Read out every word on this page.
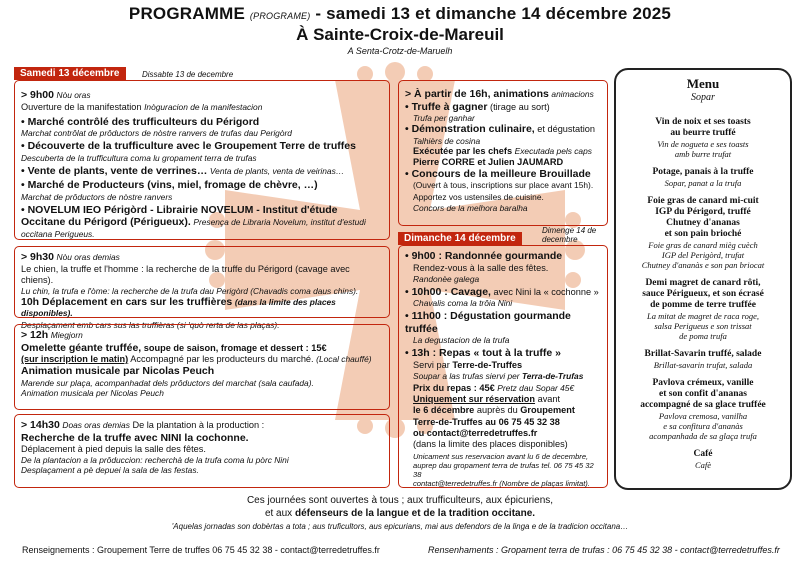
PROGRAMME (PROGRAME) - samedi 13 et dimanche 14 décembre 2025
À Sainte-Croix-de-Mareuil
A Senta-Crotz-de-Maruelh
Samedi 13 décembre	Dissabte 13 de decembre
> 9h00 Nòu oras
Ouverture de la manifestation Inòguracion de la manifestacion
• Marché contrôlé des trufficulteurs du Périgord
Marchat contrôlat de prôductors de nòstre ranvers de trufas dau Perigòrd
• Découverte de la trufficulture avec le Groupement Terre de truffes
Descuberta de la trufficultura coma lu gropament terra de trufas
• Vente de plants, vente de verrines… Venta de plants, venta de veirinas…
• Marché de Producteurs (vins, miel, fromage de chèvre, …)
Marchat de prôductors de nòstre ranvers
• NOVELUM IEO Périgòrd - Librairie NOVELUM - Institut d'étude Occitane du Périgord (Périgueux). Presença de Libraria Novelum, institut d'estudi occitana Perigueus.
> 9h30 Nòu oras demias
Le chien, la truffe et l'homme : la recherche de la truffe du Périgord (cavage avec chiens).
Lu chin, la trufa e l'òme: la recherche de la trufa dau Perigòrd (Chavadis coma daus chins).
10h Déplacement en cars sur les truffières (dans la limite des places disponibles).
Desplaçament emb cars sus las truffièras (si 'quò rerta de las plaças).
> 12h Miegjorn
Omelette géante truffée, soupe de saison, fromage et dessert : 15€
(sur inscription le matin) Accompagné par les producteurs du marché. (Local chauffé)
Animation musicale par Nicolas Peuch
Marende sur plaça, acompanhadat dels prôductors del marchat (sala caufada).
Animation musicala per Nicolas Peuch
> 14h30 Doas oras demias De la plantation à la production :
Recherche de la truffe avec NINI la cochonne.
Déplacement à pied depuis la salle des fêtes.
De la plantacion a la prôduccion: recherchà de la trufa coma lu pòrc Nini
Desplaçament a pè depuei la sala de las festas.
> À partir de 16h, animations animacions
• Truffe à gagner (tirage au sort)
Trufa per ganhar
• Démonstration culinaire, et dégustation
Talhièrs de cosina
Exécutée par les chefs Executada pels caps
Pierre CORRE et Julien JAUMARD
• Concours de la meilleure Brouillade
(Ouvert à tous, inscriptions sur place avant 15h).
Apportez vos ustensiles de cuisine.
Concors de la melhora baralha
Dimanche 14 décembre
Dimenge 14 de decembre
• 9h00 : Randonnée gourmande
Rendez-vous à la salle des fêtes.
Randonèe galega
• 10h00 : Cavage, avec Nini la « cochonne »
Chavalis coma la trôia Nini
• 11h00 : Dégustation gourmande truffée
La degustacion de la trufa
• 13h : Repas « tout à la truffe »
Servi par Terre-de-Truffes
Soupar a las trufas siervi per Terra-de-Trufas
Prix du repas : 45€ Pretz dau Sopar 45€
Uniquement sur réservation avant
le 6 décembre auprès du Groupement
Terre-de-Truffes au 06 75 45 32 38
ou contact@terredetruffes.fr
(dans la limite des places disponibles)
Unicament sus reservacion avant lu 6 de decembre,
auprep dau gropament terra de trufas tel. 06 75 45 32 38
contact@terredetruffes.fr (Nombre de plaças limitat).
Menu
Sopar
Vin de noix et ses toasts
au beurre truffé
Vin de nogueta e ses toasts
amb burre trufat
Potage, panais à la truffe
Sopar, panat a la trufa
Foie gras de canard mi-cuit
IGP du Périgord, truffé
Chutney d'ananas
et son pain brioché
Foie gras de canard mièg cuèch
IGP del Perigòrd, trufat
Chutney d'ananàs e son pan briocat
Demi magret de canard rôti,
sauce Périgueux, et son écrasé
de pomme de terre truffée
La mitat de magret de raca roge,
salsa Perigueus e son trissat
de poma trufa
Brillat-Savarin truffé, salade
Brillat-savarin trufat, salada
Pavlova crémeux, vanille
et son confit d'ananas
accompagné de sa glace truffée
Pavlova cremosa, vanilha
e sa confitura d'ananàs
acompanhada de sa glaça trufa
Café
Cafè
Ces journées sont ouvertes à tous ; aux trufficulteurs, aux épicuriens,
et aux défenseurs de la langue et de la tradition occitane.
'Aquelas jornadas son dobèrtas a tota ; aus truficultors, aus epicurians, mai aus defendors de la linga e de la tradicion occitana…
Renseignements : Groupement Terre de truffes 06 75 45 32 38 - contact@terredetruffes.fr	Rensenhaments : Gropament terra de trufas : 06 75 45 32 38 - contact@terredetruffes.fr
